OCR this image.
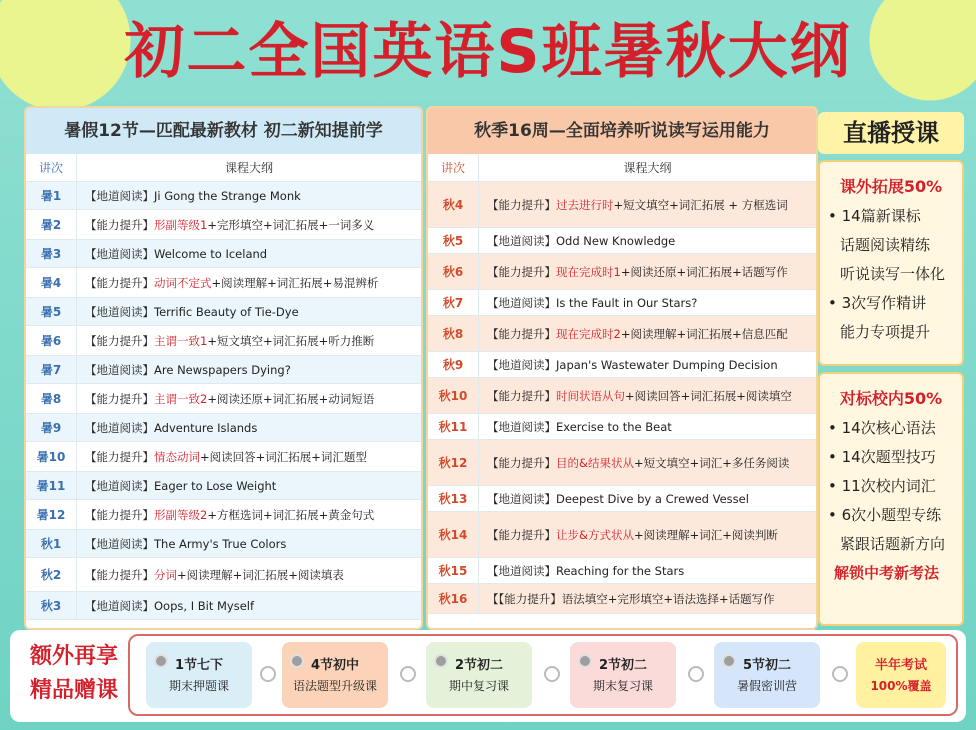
初二全国英语S班暑秋大纲
暑假12节—匹配最新教材 初二新知提前学
讲次	课程大纲
暑1	【地道阅读】Ji Gong the Strange Monk
暑2	【能力提升】形副等级1+完形填空+词汇拓展+一词多义
暑3	【地道阅读】Welcome to Iceland
暑4	【能力提升】动词不定式+阅读理解+词汇拓展+易混辨析
暑5	【地道阅读】Terrific Beauty of Tie-Dye
暑6	【能力提升】主谓一致1+短文填空+词汇拓展+听力推断
暑7	【地道阅读】Are Newspapers Dying?
暑8	【能力提升】主谓一致2+阅读还原+词汇拓展+动词短语
暑9	【地道阅读】Adventure Islands
暑10	【能力提升】情态动词+阅读回答+词汇拓展+词汇题型
暑11	【地道阅读】Eager to Lose Weight
暑12	【能力提升】形副等级2+方框选词+词汇拓展+黄金句式
秋1	【地道阅读】The Army's True Colors
秋2	【能力提升】分词+阅读理解+词汇拓展+阅读填表
秋3	【地道阅读】Oops, I Bit Myself
秋季16周—全面培养听说读写运用能力
讲次	课程大纲
秋4	【能力提升】过去进行时+短文填空+词汇拓展 + 方框选词
秋5	【地道阅读】Odd New Knowledge
秋6	【能力提升】现在完成时1+阅读还原+词汇拓展+话题写作
秋7	【地道阅读】Is the Fault in Our Stars?
秋8	【能力提升】现在完成时2+阅读理解+词汇拓展+信息匹配
秋9	【地道阅读】Japan's Wastewater Dumping Decision
秋10	【能力提升】时间状语从句+阅读回答+词汇拓展+阅读填空
秋11	【地道阅读】Exercise to the Beat
秋12	【能力提升】目的&结果状从+短文填空+词汇+多任务阅读
秋13	【地道阅读】Deepest Dive by a Crewed Vessel
秋14	【能力提升】让步&方式状从+阅读理解+词汇+阅读判断
秋15	【地道阅读】Reaching for the Stars
秋16	【【能力提升】语法填空+完形填空+语法选择+话题写作
直播授课
课外拓展50%
• 14篇新课标
话题阅读精练
听说读写一体化
• 3次写作精讲
能力专项提升
对标校内50%
• 14次核心语法
• 14次题型技巧
• 11次校内词汇
• 6次小题型专练
紧跟话题新方向
解锁中考新考法
额外再享
精品赠课
1节七下
期末押题课
4节初中
语法题型升级课
2节初二
期中复习课
2节初二
期末复习课
5节初二
暑假密训营
半年考试
100%覆盖
